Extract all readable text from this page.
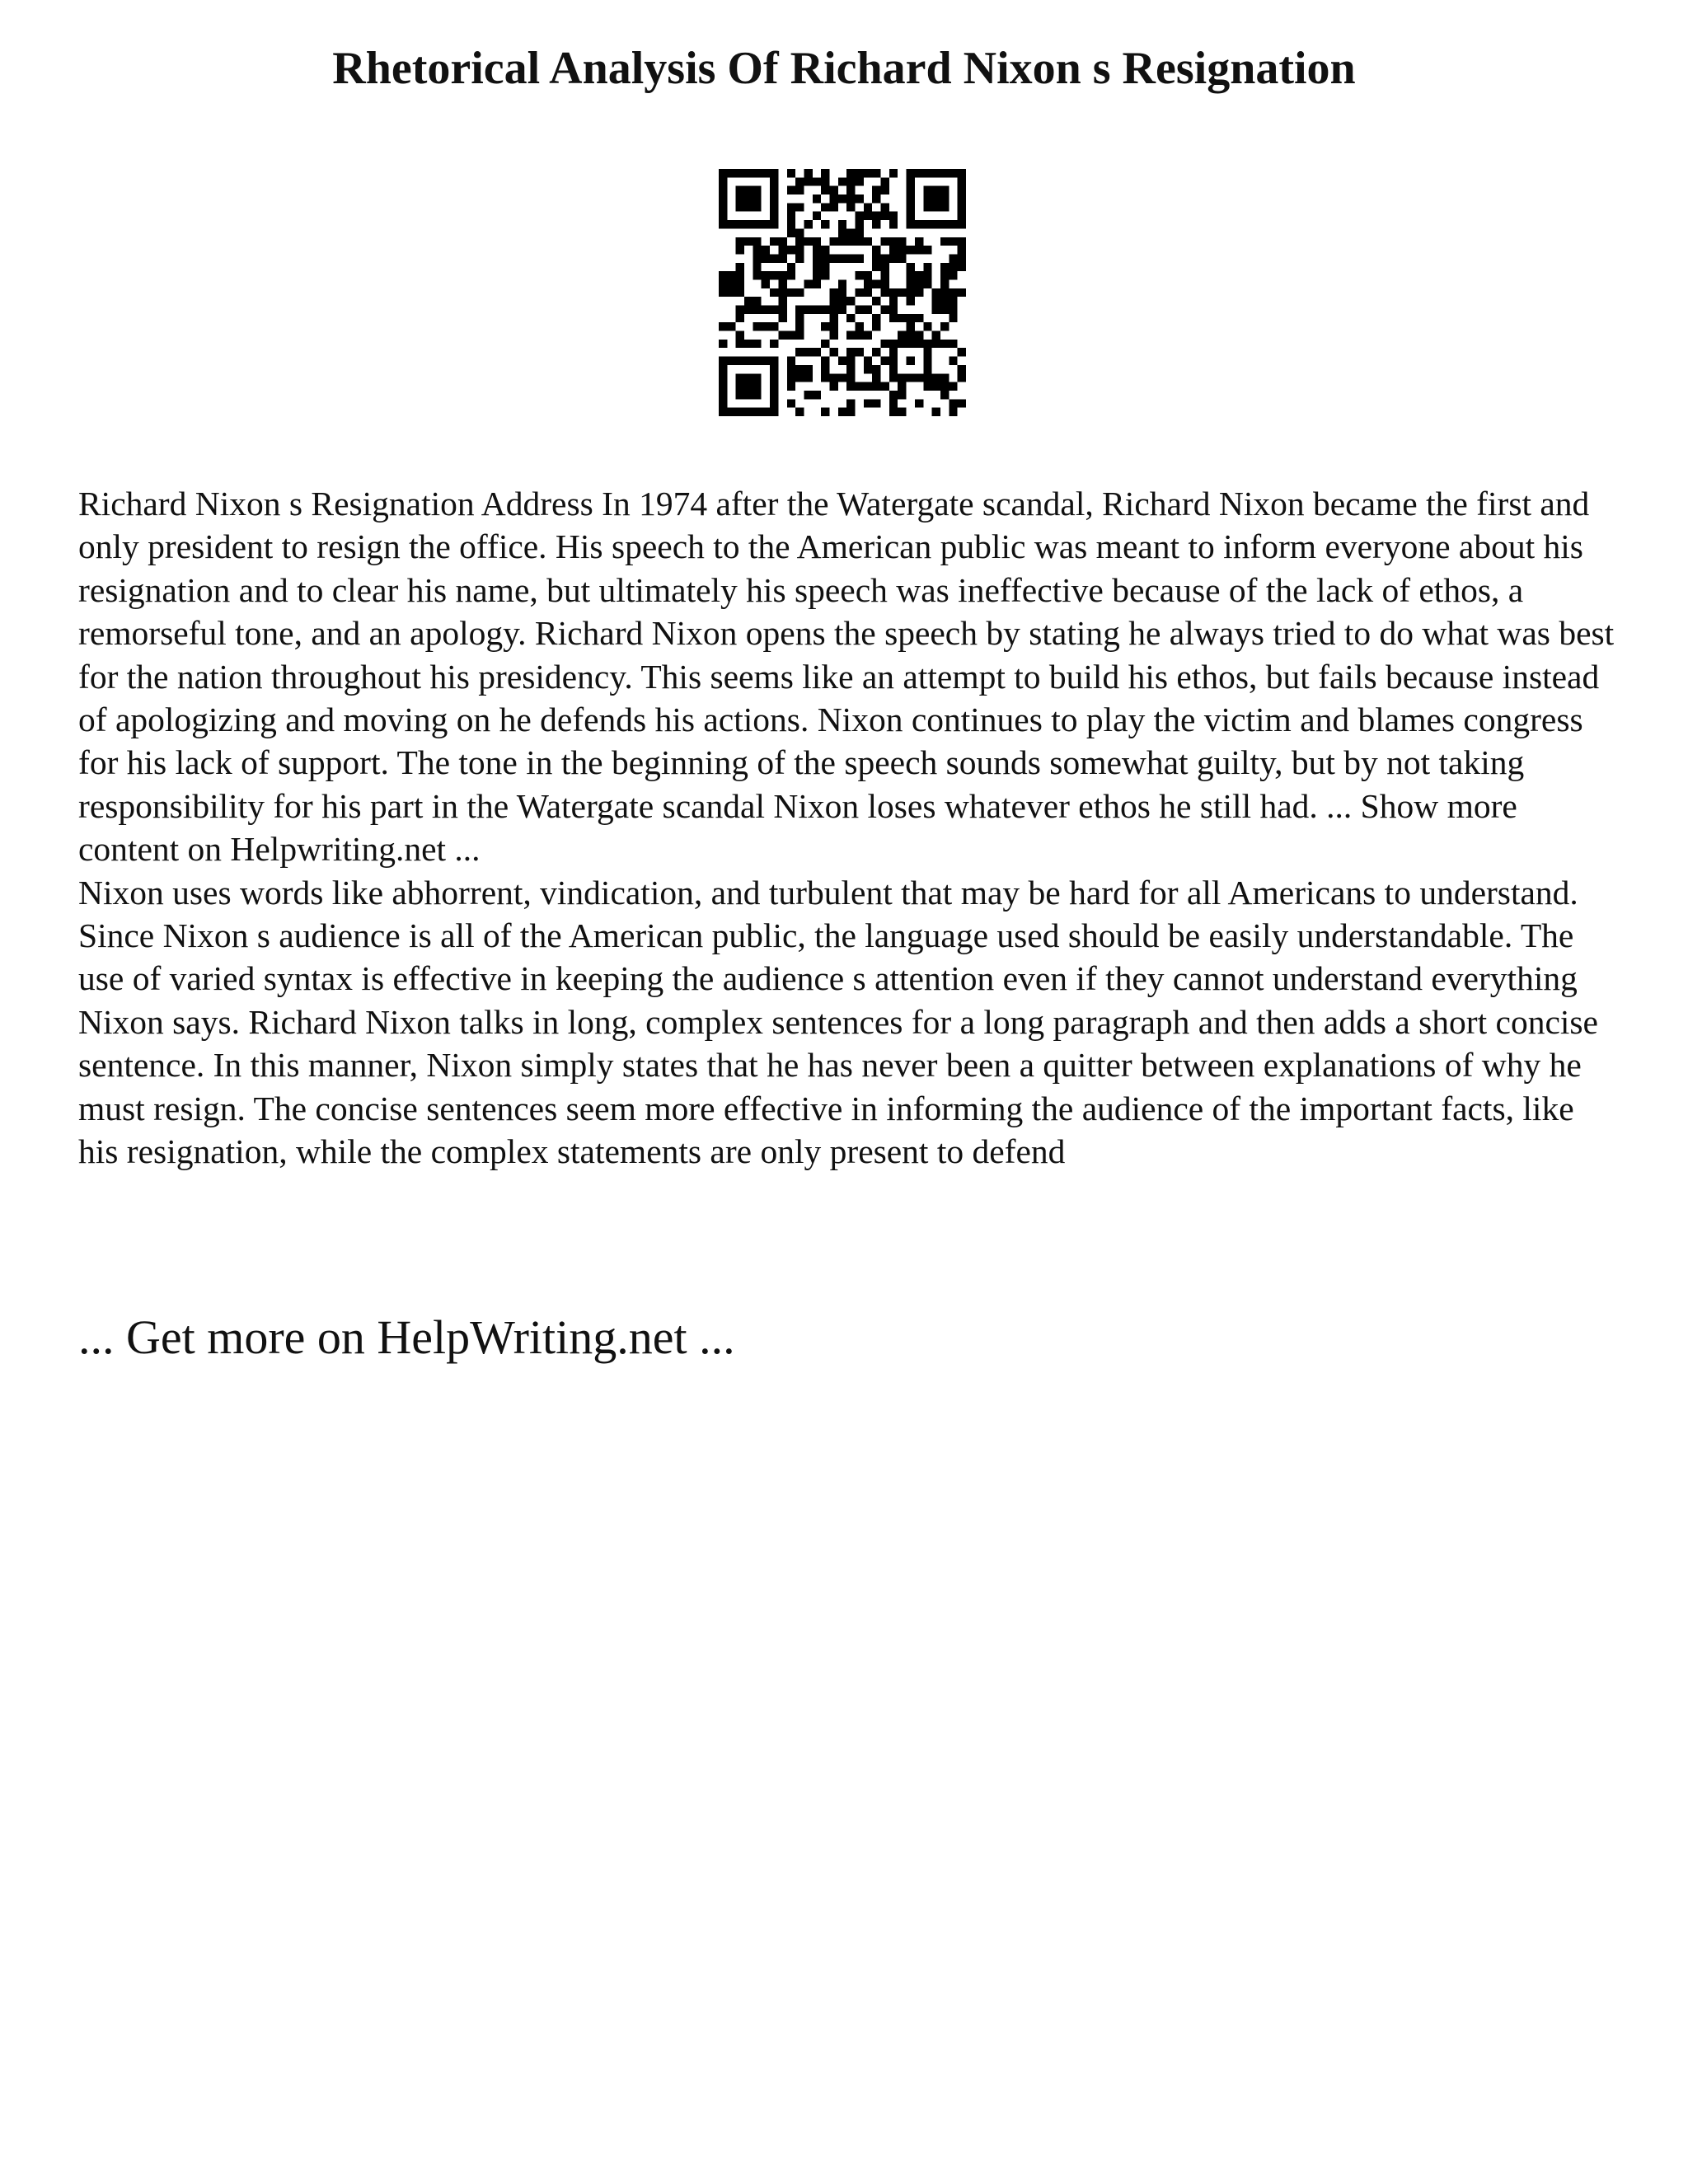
Rhetorical Analysis Of Richard Nixon s Resignation

Richard Nixon s Resignation Address In 1974 after the Watergate scandal, Richard Nixon became the first and only president to resign the office. His speech to the American public was meant to inform everyone about his resignation and to clear his name, but ultimately his speech was ineffective because of the lack of ethos, a remorseful tone, and an apology. Richard Nixon opens the speech by stating he always tried to do what was best for the nation throughout his presidency. This seems like an attempt to build his ethos, but fails because instead of apologizing and moving on he defends his actions. Nixon continues to play the victim and blames congress for his lack of support. The tone in the beginning of the speech sounds somewhat guilty, but by not taking responsibility for his part in the Watergate scandal Nixon loses whatever ethos he still had. ... Show more content on Helpwriting.net ...

Nixon uses words like abhorrent, vindication, and turbulent that may be hard for all Americans to understand. Since Nixon s audience is all of the American public, the language used should be easily understandable. The use of varied syntax is effective in keeping the audience s attention even if they cannot understand everything Nixon says. Richard Nixon talks in long, complex sentences for a long paragraph and then adds a short concise sentence. In this manner, Nixon simply states that he has never been a quitter between explanations of why he must resign. The concise sentences seem more effective in informing the audience of the important facts, like his resignation, while the complex statements are only present to defend

... Get more on HelpWriting.net ...
